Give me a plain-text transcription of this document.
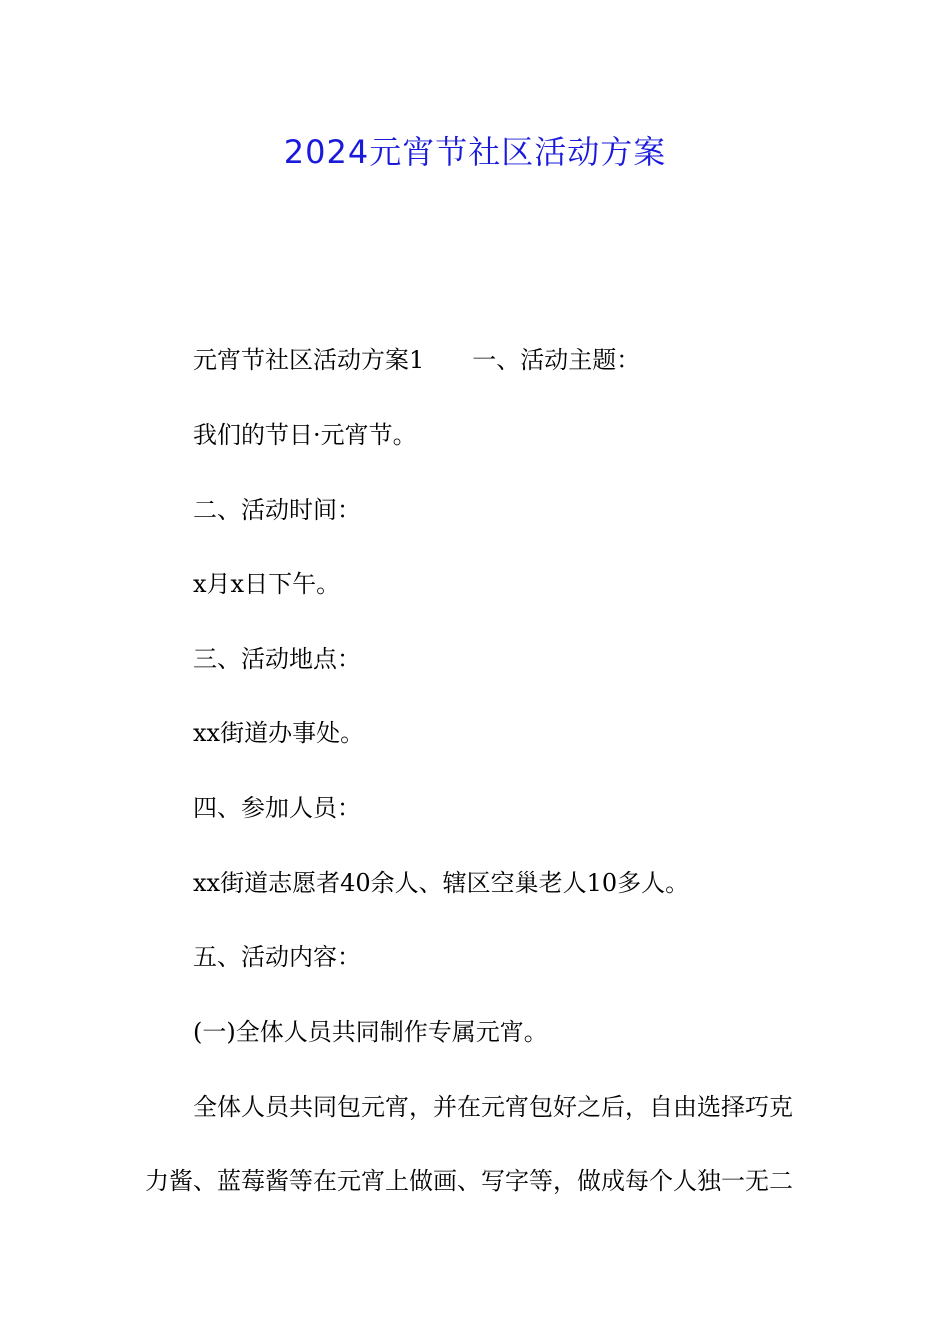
2024元宵节社区活动方案

元宵节社区活动方案1 一、活动主题：

我们的节日·元宵节。

二、活动时间：

x月x日下午。

三、活动地点：

xx街道办事处。

四、参加人员：

xx街道志愿者40余人、辖区空巢老人10多人。

五、活动内容：

(一)全体人员共同制作专属元宵。

全体人员共同包元宵，并在元宵包好之后，自由选择巧克

力酱、蓝莓酱等在元宵上做画、写字等，做成每个人独一无二
